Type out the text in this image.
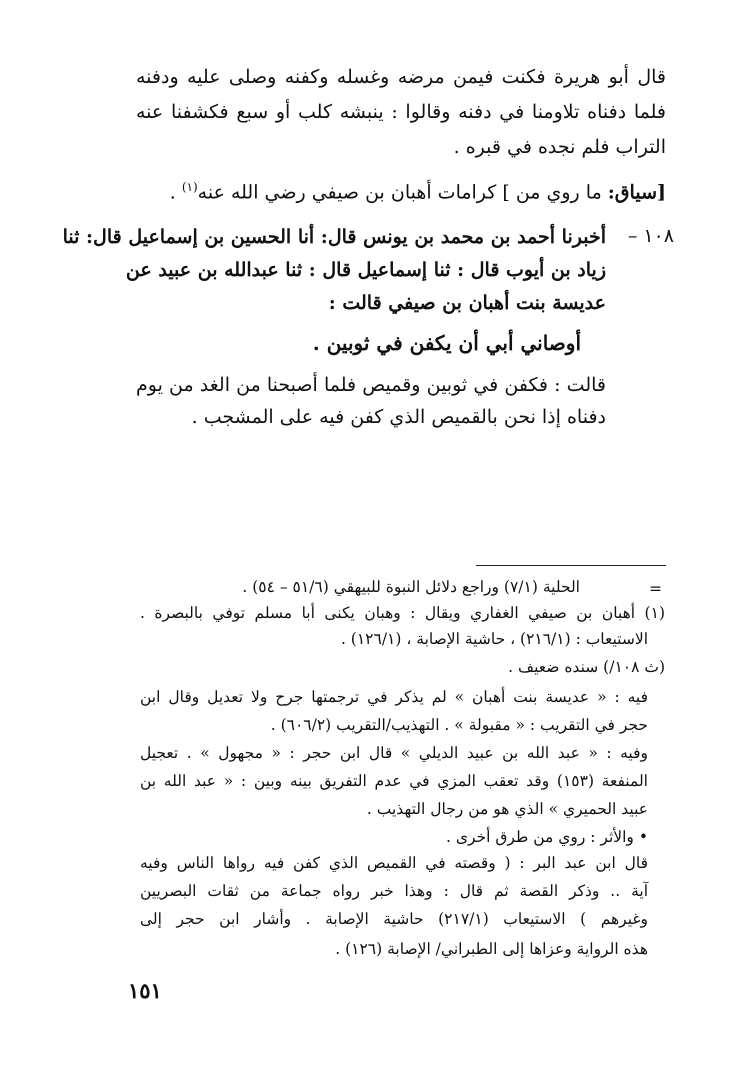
قال أبو هريرة فكنت فيمن مرضه وغسله وكفنه وصلى عليه ودفنه
فلما دفناه تلاومنا في دفنه وقالوا : ينبشه كلب أو سبع فكشفنا عنه
التراب فلم نجده في قبره .
[سياق: ما روي من ] كرامات أهبان بن صيفي رضي الله عنه$^{(١)}$ .
١٠٨ –
أخبرنا أحمد بن محمد بن يونس قال: أنا الحسين بن إسماعيل قال: ثنا
زياد بن أيوب قال : ثنا إسماعيل قال : ثنا عبدالله بن عبيد عن
عديسة بنت أهبان بن صيفي قالت :
أوصاني أبي أن يكفن في ثوبين .
قالت : فكفن في ثوبين وقميص فلما أصبحنا من الغد من يوم
دفناه إذا نحن بالقميص الذي كفن فيه على المشجب .
=
الحلية (٧/١) وراجع دلائل النبوة للبيهقي (٥١/٦ – ٥٤) .
(١) أهبان بن صيفي الغفاري ويقال : وهبان يكنى أبا مسلم توفي بالبصرة .
الاستيعاب : (٢١٦/١) ، حاشية الإصابة ، (١٢٦/١) .
(ث ١٠٨/) سنده ضعيف .
فيه : « عديسة بنت أهبان » لم يذكر في ترجمتها جرح ولا تعديل وقال ابن
حجر في التقريب : « مقبولة » . التهذيب/التقريب (٦٠٦/٢) .
وفيه : « عبد الله بن عبيد الديلي » قال ابن حجر : « مجهول » . تعجيل
المنفعة (١٥٣) وقد تعقب المزي في عدم التفريق بينه وبين : « عبد الله بن
عبيد الحميري » الذي هو من رجال التهذيب .
• والأثر : روي من طرق أخرى .
قال ابن عبد البر : ( وقصته في القميص الذي كفن فيه رواها الناس وفيه
آية .. وذكر القصة ثم قال : وهذا خبر رواه جماعة من ثقات البصريين
وغيرهم ) الاستيعاب (٢١٧/١) حاشية الإصابة . وأشار ابن حجر إلى
هذه الرواية وعزاها إلى الطبراني/ الإصابة (١٢٦) .
١٥١
